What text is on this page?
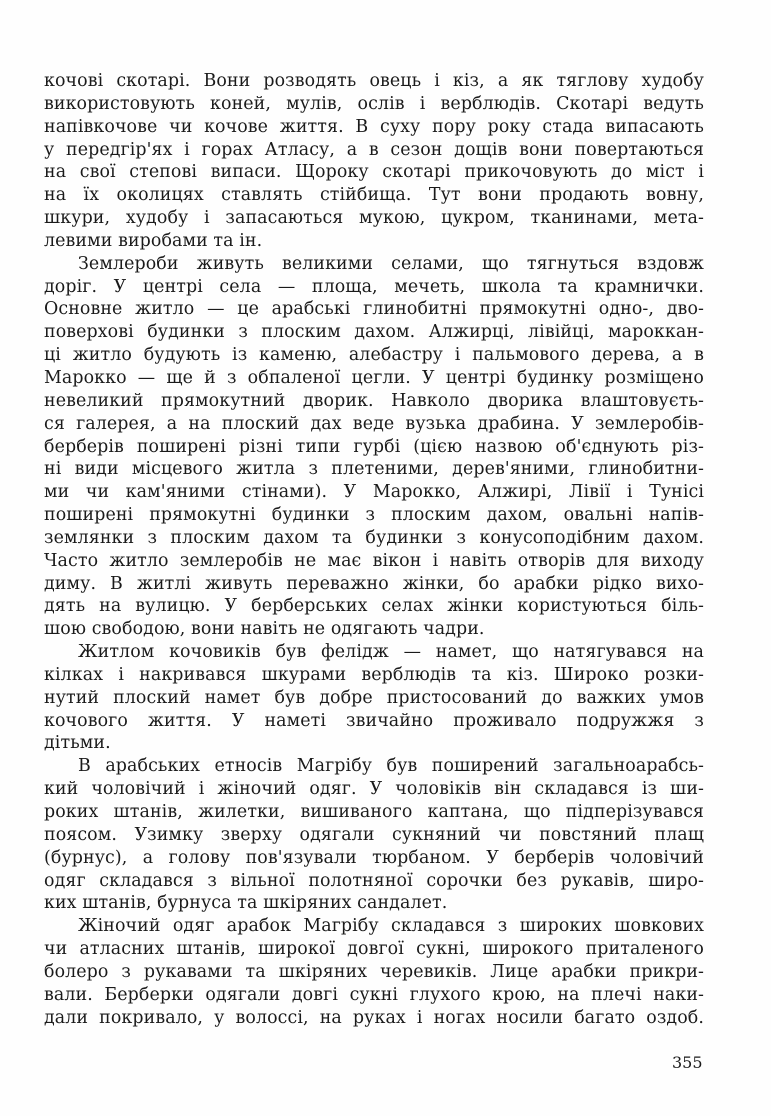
кочові скотарі. Вони розводять овець і кіз, а як тяглову худобу
використовують коней, мулів, ослів і верблюдів. Скотарі ведуть
напівкочове чи кочове життя. В суху пору року стада випасають
у передгір'ях і горах Атласу, а в сезон дощів вони повертаються
на свої степові випаси. Щороку скотарі прикочовують до міст і
на їх околицях ставлять стійбища. Тут вони продають вовну,
шкури, худобу і запасаються мукою, цукром, тканинами, мета-
левими виробами та ін.
Землероби живуть великими селами, що тягнуться вздовж
доріг. У центрі села — площа, мечеть, школа та крамнички.
Основне житло — це арабські глинобитні прямокутні одно-, дво-
поверхові будинки з плоским дахом. Алжирці, лівійці, мароккан-
ці житло будують із каменю, алебастру і пальмового дерева, а в
Марокко — ще й з обпаленої цегли. У центрі будинку розміщено
невеликий прямокутний дворик. Навколо дворика влаштовуєть-
ся галерея, а на плоский дах веде вузька драбина. У землеробів-
берберів поширені різні типи гурбі (цією назвою об'єднують різ-
ні види місцевого житла з плетеними, дерев'яними, глинобитни-
ми чи кам'яними стінами). У Марокко, Алжирі, Лівії і Тунісі
поширені прямокутні будинки з плоским дахом, овальні напів-
землянки з плоским дахом та будинки з конусоподібним дахом.
Часто житло землеробів не має вікон і навіть отворів для виходу
диму. В житлі живуть переважно жінки, бо арабки рідко вихо-
дять на вулицю. У берберських селах жінки користуються біль-
шою свободою, вони навіть не одягають чадри.
Житлом кочовиків був фелідж — намет, що натягувався на
кілках і накривався шкурами верблюдів та кіз. Широко розки-
нутий плоский намет був добре пристосований до важких умов
кочового життя. У наметі звичайно проживало подружжя з
дітьми.
В арабських етносів Магрібу був поширений загальноарабсь-
кий чоловічий і жіночий одяг. У чоловіків він складався із ши-
роких штанів, жилетки, вишиваного каптана, що підперізувався
поясом. Узимку зверху одягали сукняний чи повстяний плащ
(бурнус), а голову пов'язували тюрбаном. У берберів чоловічий
одяг складався з вільної полотняної сорочки без рукавів, широ-
ких штанів, бурнуса та шкіряних сандалет.
Жіночий одяг арабок Магрібу складався з широких шовкових
чи атласних штанів, широкої довгої сукні, широкого приталеного
болеро з рукавами та шкіряних черевиків. Лице арабки прикри-
вали. Берберки одягали довгі сукні глухого крою, на плечі наки-
дали покривало, у волоссі, на руках і ногах носили багато оздоб.
355
